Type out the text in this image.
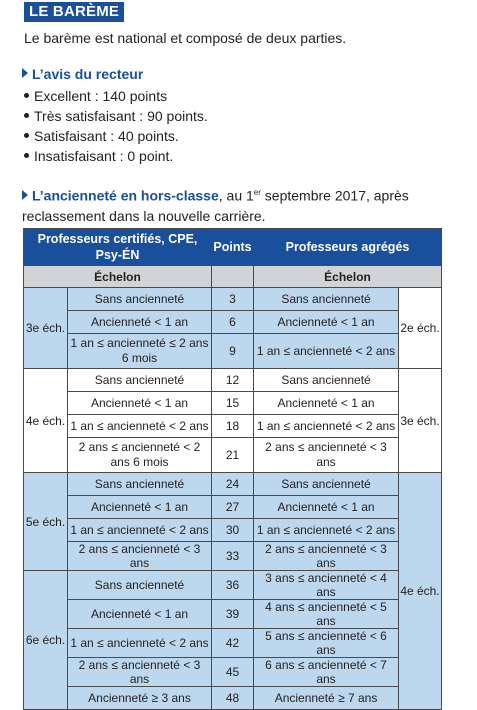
LE BARÈME
Le barème est national et composé de deux parties.
L’avis du recteur
Excellent : 140 points
Très satisfaisant : 90 points.
Satisfaisant : 40 points.
Insatisfaisant : 0 point.
L’ancienneté en hors-classe, au 1er septembre 2017, après reclassement dans la nouvelle carrière.
Professeurs certifiés, CPE, Psy-ÉN		Points	Professeurs agrégés	
Échelon			Échelon	
3e éch.	Sans ancienneté	3	Sans ancienneté	2e éch.
	Ancienneté < 1 an	6	Ancienneté < 1 an	
	1 an ≤ ancienneté ≤ 2 ans 6 mois	9	1 an ≤ ancienneté < 2 ans	
4e éch.	Sans ancienneté	12	Sans ancienneté	3e éch.
	Ancienneté < 1 an	15	Ancienneté < 1 an	
	1 an ≤ ancienneté < 2 ans	18	1 an ≤ ancienneté < 2 ans	
	2 ans ≤ ancienneté < 2 ans 6 mois	21	2 ans ≤ ancienneté < 3 ans	
5e éch.	Sans ancienneté	24	Sans ancienneté	4e éch.
	Ancienneté < 1 an	27	Ancienneté < 1 an	
	1 an ≤ ancienneté < 2 ans	30	1 an ≤ ancienneté < 2 ans	
	2 ans ≤ ancienneté < 3 ans	33	2 ans ≤ ancienneté < 3 ans	
6e éch.	Sans ancienneté	36	3 ans ≤ ancienneté < 4 ans	
	Ancienneté < 1 an	39	4 ans ≤ ancienneté < 5 ans	
	1 an ≤ ancienneté < 2 ans	42	5 ans ≤ ancienneté < 6 ans	
	2 ans ≤ ancienneté < 3 ans	45	6 ans ≤ ancienneté < 7 ans	
	Ancienneté ≥ 3 ans	48	Ancienneté ≥ 7 ans	
